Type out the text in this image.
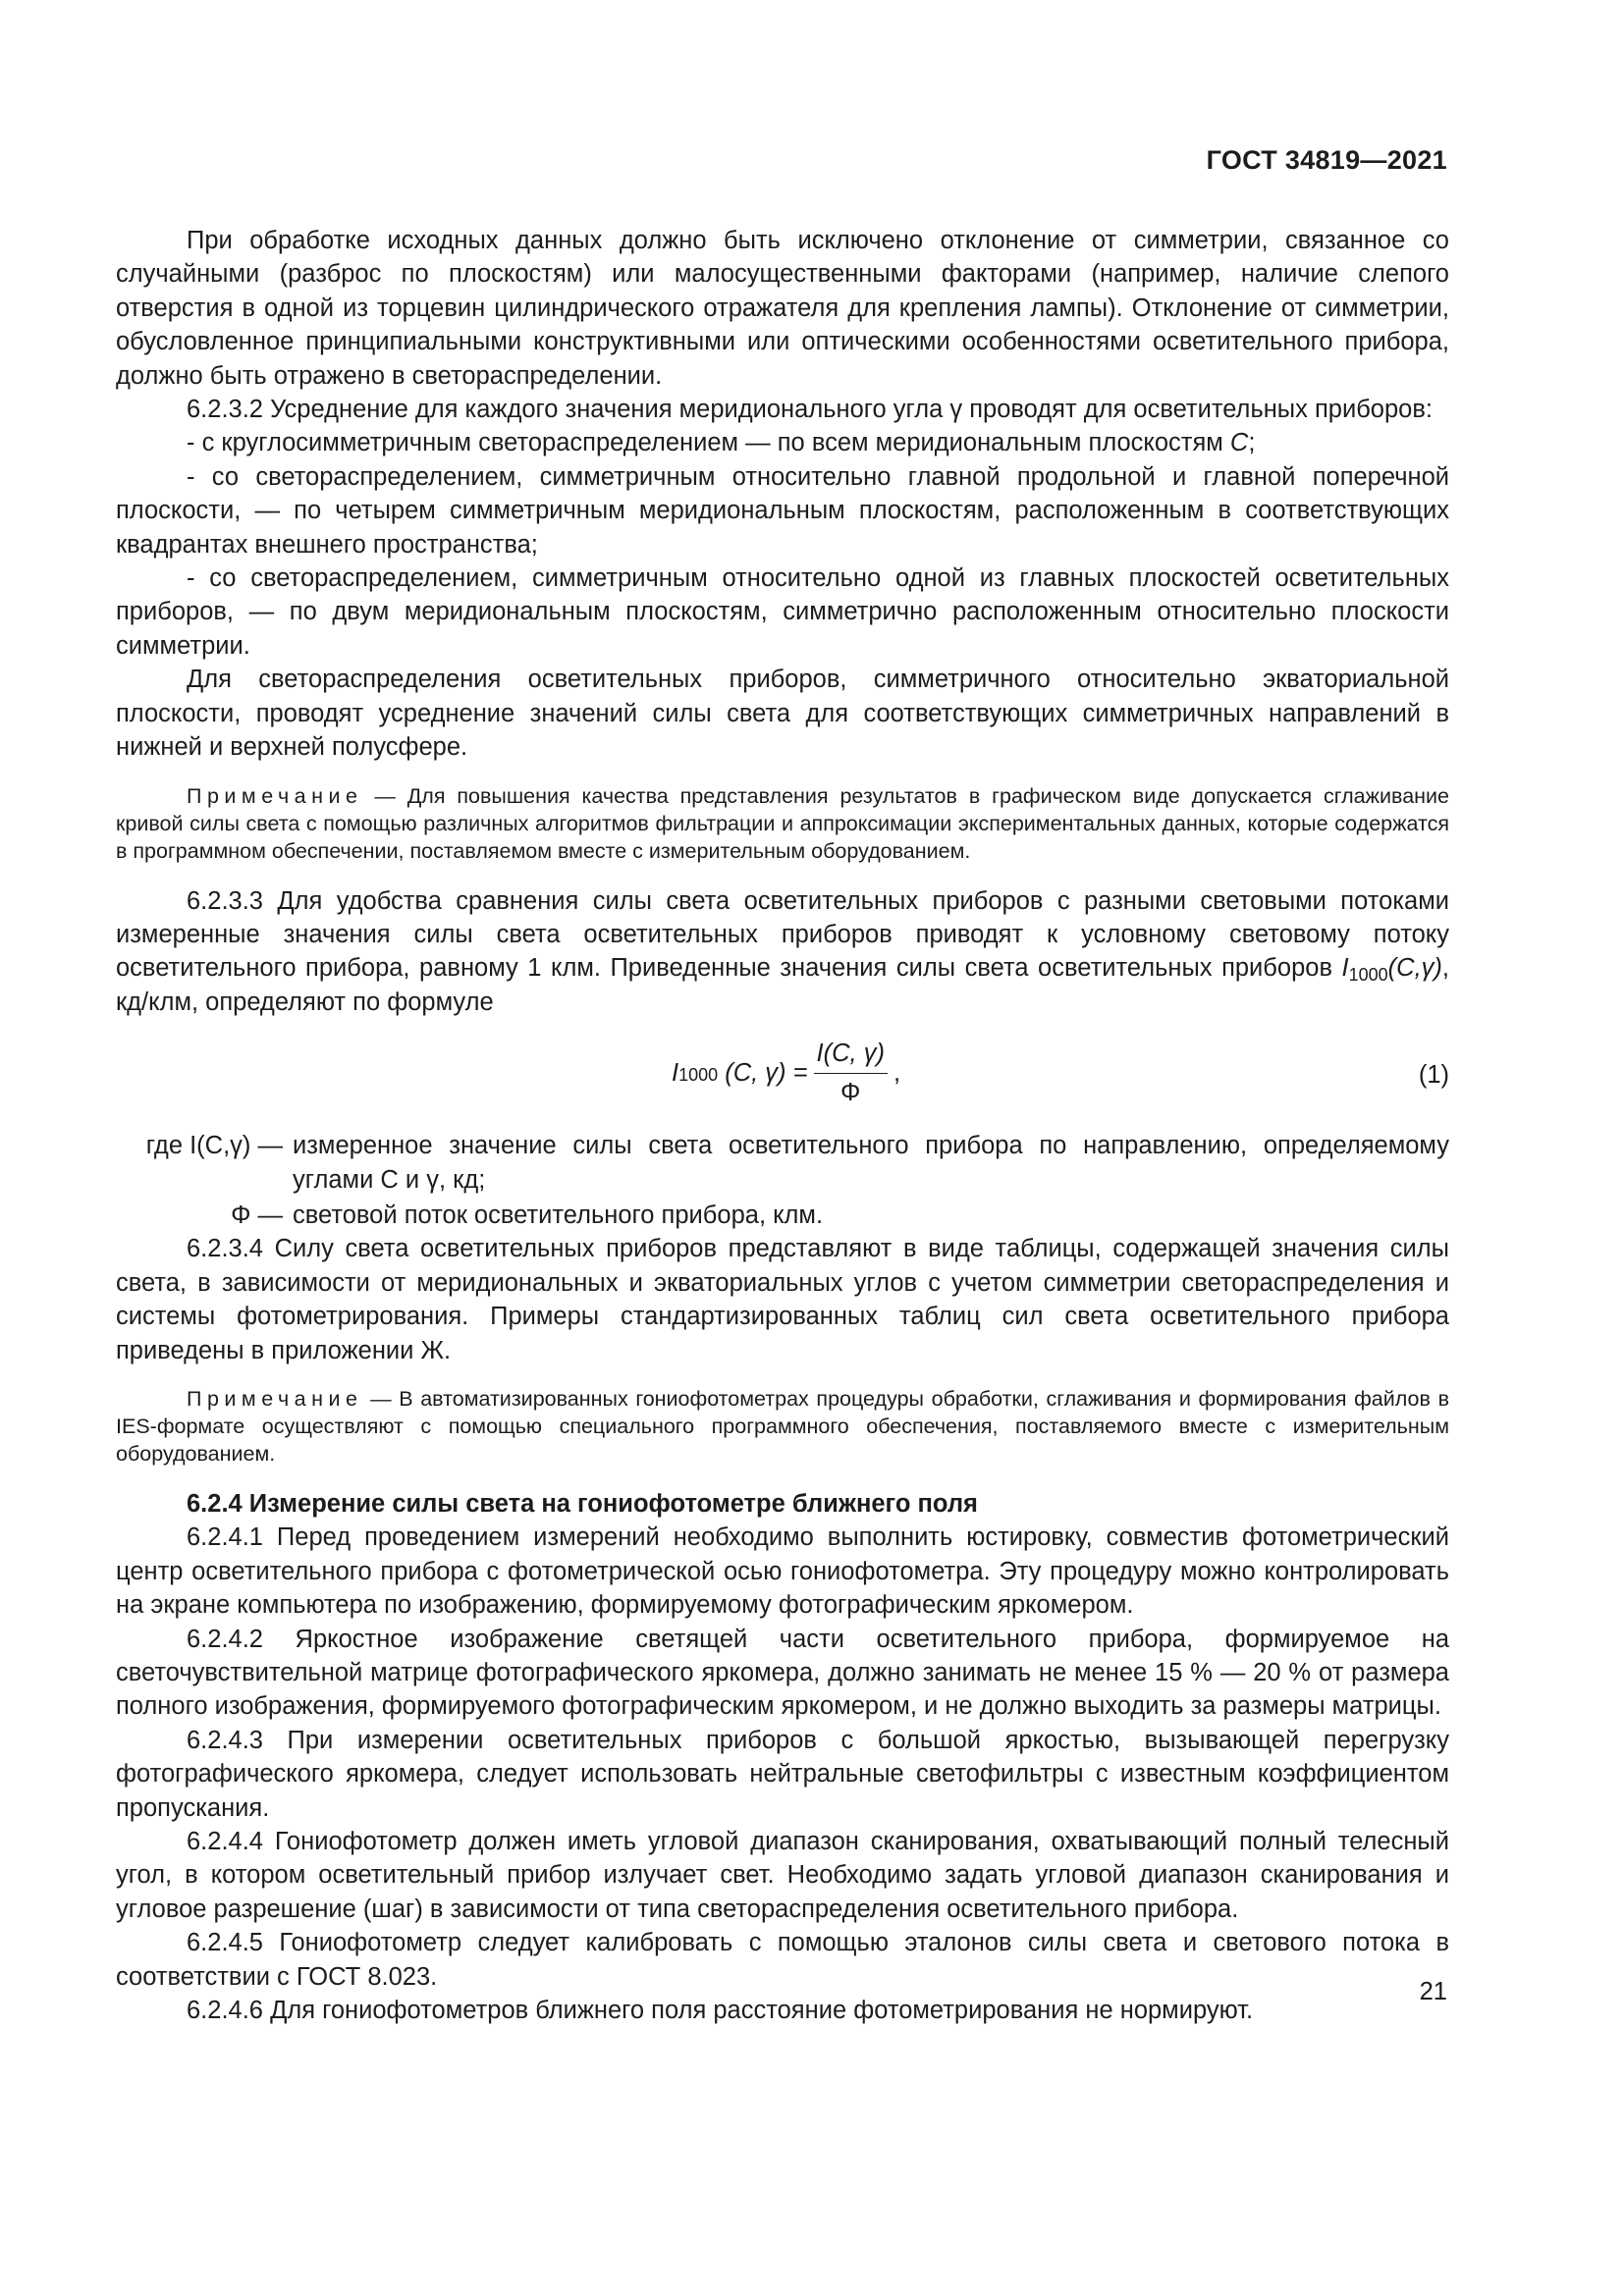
ГОСТ 34819—2021

При обработке исходных данных должно быть исключено отклонение от симметрии, связанное со случайными (разброс по плоскостям) или малосущественными факторами (например, наличие слепого отверстия в одной из торцевин цилиндрического отражателя для крепления лампы). Отклонение от симметрии, обусловленное принципиальными конструктивными или оптическими особенностями осветительного прибора, должно быть отражено в светораспределении.

6.2.3.2 Усреднение для каждого значения меридионального угла γ проводят для осветительных приборов:

- с круглосимметричным светораспределением — по всем меридиональным плоскостям C;

- со светораспределением, симметричным относительно главной продольной и главной поперечной плоскости, — по четырем симметричным меридиональным плоскостям, расположенным в соответствующих квадрантах внешнего пространства;

- со светораспределением, симметричным относительно одной из главных плоскостей осветительных приборов, — по двум меридиональным плоскостям, симметрично расположенным относительно плоскости симметрии.

Для светораспределения осветительных приборов, симметричного относительно экваториальной плоскости, проводят усреднение значений силы света для соответствующих симметричных направлений в нижней и верхней полусфере.

Примечание — Для повышения качества представления результатов в графическом виде допускается сглаживание кривой силы света с помощью различных алгоритмов фильтрации и аппроксимации экспериментальных данных, которые содержатся в программном обеспечении, поставляемом вместе с измерительным оборудованием.

6.2.3.3 Для удобства сравнения силы света осветительных приборов с разными световыми потоками измеренные значения силы света осветительных приборов приводят к условному световому потоку осветительного прибора, равному 1 клм. Приведенные значения силы света осветительных приборов $I_{1000}(C,\gamma)$, кд/клм, определяют по формуле

I 1000
(C, $\gamma) = \frac{I(C, \gamma)}{\Phi}$ ,	(1)
где I(C,γ) — измеренное значение силы света осветительного прибора по направлению, определяемому углами C и γ, кд;
Φ — световой поток осветительного прибора, клм.

6.2.3.4 Силу света осветительных приборов представляют в виде таблицы, содержащей значения силы света, в зависимости от меридиональных и экваториальных углов с учетом симметрии светораспределения и системы фотометрирования. Примеры стандартизированных таблиц сил света осветительного прибора приведены в приложении Ж.

Примечание — В автоматизированных гониофотометрах процедуры обработки, сглаживания и формирования файлов в IES-формате осуществляют с помощью специального программного обеспечения, поставляемого вместе с измерительным оборудованием.

6.2.4 Измерение силы света на гониофотометре ближнего поля

6.2.4.1 Перед проведением измерений необходимо выполнить юстировку, совместив фотометрический центр осветительного прибора с фотометрической осью гониофотометра. Эту процедуру можно контролировать на экране компьютера по изображению, формируемому фотографическим яркомером.

6.2.4.2 Яркостное изображение светящей части осветительного прибора, формируемое на светочувствительной матрице фотографического яркомера, должно занимать не менее 15 % — 20 % от размера полного изображения, формируемого фотографическим яркомером, и не должно выходить за размеры матрицы.

6.2.4.3 При измерении осветительных приборов с большой яркостью, вызывающей перегрузку фотографического яркомера, следует использовать нейтральные светофильтры с известным коэффициентом пропускания.

6.2.4.4 Гониофотометр должен иметь угловой диапазон сканирования, охватывающий полный телесный угол, в котором осветительный прибор излучает свет. Необходимо задать угловой диапазон сканирования и угловое разрешение (шаг) в зависимости от типа светораспределения осветительного прибора.

6.2.4.5 Гониофотометр следует калибровать с помощью эталонов силы света и светового потока в соответствии с ГОСТ 8.023.

6.2.4.6 Для гониофотометров ближнего поля расстояние фотометрирования не нормируют.

21
